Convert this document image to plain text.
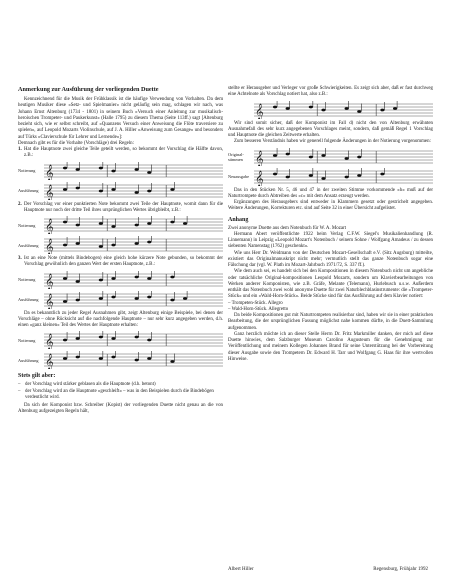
Anmerkung zur Ausführung der vorliegenden Duette

Kennzeichnend für die Musik der Frühklassik ist die häufige Verwendung von Vorhalten. Da dem heutigen Musiker diese »Setz- und Spielmanier« nicht geläufig sein mag, schlagen wir nach, was Johann Ernst Altenburg (1734 - 1801) in seinem Buch »Versuch einer Anleitung zur musikalisch-heroischen Trompeter- und Paukerkunst« (Halle 1795) zu diesem Thema (Seite 113ff.) sagt [Altenburg bezieht sich, wie er selbst schreibt, auf »Quanzens Versuch einer Anweisung die Flöte traversiere zu spielen«, auf Leopold Mozarts Violinschule, auf J. A. Hiller »Anweisung zum Gesange« und besonders auf Türks »Clavierschule für Lehrer und Lernende«]:

Demnach gibt es für die Vorhalte (Vorschläge) drei Regeln:

1. Hat die Hauptnote zwei gleiche Teile geteilt werden, so bekommt der Vorschlag die Hälfte davon, z.B.:
Notierung 𝄞
Ausführung 𝄞
2. Der Vorschlag vor einer punktierten Note bekommt zwei Teile der Hauptnote, womit dann für die Hauptnote nur noch der dritte Teil ihres ursprünglichen Wertes übrigbleibt, z.B.:
Notierung 𝄞
Ausführung 𝄞
3. Ist an eine Note (mittels Bindebogen) eine gleich hohe kürzere Note gebunden, so bekommt der Vorschlag gewöhnlich den ganzen Wert der ersten Hauptnote, z.B.:
Notierung 𝄞
Ausführung 𝄞

Da es bekanntlich zu jeder Regel Ausnahmen gibt, zeigt Altenburg einige Beispiele, bei denen der Vorschläge – ohne Rücksicht auf die nachfolgende Hauptnote – nur sehr kurz angegeben werden, d.h. einen »ganz kleinen« Teil des Wertes der Hauptnote erhalten:

Notierung 𝄞
Ausführung 𝄞
Stets gilt aber:
– der Vorschlag wird stärker geblasen als die Hauptnote (d.h. betont)
– der Vorschlag wird an die Hauptnote »geschleift« – was in den Beispielen durch die Bindebögen verdeutlicht wird.

Da sich der Komponist bzw. Schreiber (Kopist) der vorliegenden Duette nicht genau an die von Altenburg aufgezeigten Regeln hält,

stellte er Herausgeber und Verleger vor große Schwierigkeiten. Es zeigt sich aber, daß er fast durchweg eine Achtelnote als Vorschlag notiert hat, also z.B.:

𝄞

Wir sind somit sicher, daß der Komponist im Fall d) nicht den von Altenburg erwähnten Ausnahmefall des sehr kurz angegebenen Vorschlages meint, sondern, daß gemäß Regel 1 Vorschlag und Hauptnote die gleichen Zeitwerte erhalten.

Zum besseren Verständnis haben wir generell folgende Änderungen in der Notierung vorgenommen:

Original-stimmen 𝄞
Neuausgabe 𝄞

Das in den Stücken Nr. 5, 46 und 47 in der zweiten Stimme vorkommende »h« muß auf der Naturtrompete durch Abtreiben des »c« mit dem Ansatz erzeugt werden.

Ergänzungen des Herausgebers sind entweder in Klammern gesetzt oder gestrichelt angegeben. Weitere Änderungen, Korrekturen etc. sind auf Seite 32 in einer Übersicht aufgelistet.

Anhang

Zwei anonyme Duette aus dem Notenbuch für W. A. Mozart

Hermann Abert veröffentlichte 1922 beim Verlag C.F.W. Siegel's Musikalienhandlung (R. Linnemann) in Leipzig »Leopold Mozart's Notenbuch / seinem Sohne / Wolfgang Amadeus / zu dessen siebenten Namenstag (1762) geschenkt«.

Wie uns Herr Dr. Weidmann von der Deutschen Mozart-Gesellschaft e.V. (Sitz Augsburg) mitteilte, existiert das Originalmanuskript nicht mehr; vermutlich stellt das ganze Notenbuch sogar eine Fälschung dar (vgl. W. Plath im Mozart-Jahrbuch 1971/72, S. 337 ff.).

Wie dem auch sei, es handelt sich bei den Kompositionen in diesem Notenbuch nicht um angebliche oder tatsächliche Original-kompositionen Leopold Mozarts, sondern um Klavierbearbeitungen von Werken anderer Komponisten, wie z.B. Gräfe, Melante (Telemann), Hurlebusch u.s.w. Außerdem enthält das Notenbuch zwei wohl anonyme Duette für zwei Naturblechblasinstrumente: die »Trompeter-Stück« und ein »Wald-Horn-Stück«. Beide Stücke sind für das Ausführung auf dem Klavier notiert:

– Trompeten-Stück. Allegro

– Wald-Horn-Stück. Allegretto

Da beide Kompositionen gut mit Naturtrompeten realisierbar sind, haben wir sie in einer praktischen Bearbeitung, die der ursprünglichen Fassung möglichst nahe kommen dürfte, in die Duett-Sammlung aufgenommen.

Ganz herzlich möchte ich an dieser Stelle Herrn Dr. Fritz Markmiller danken, der mich auf diese Duette hinwies, dem Salzburger Museum Carolino Augusteum für die Genehmigung zur Veröffentlichung und meinem Kollegen Johannes Brand für seine Unterstützung bei der Vorbereitung dieser Ausgabe sowie den Trompetern Dr. Edward H. Tarr und Wolfgang G. Haas für ihre wertvollen Hinweise.

Albert Hiller	Regensburg, Frühjahr 1992
